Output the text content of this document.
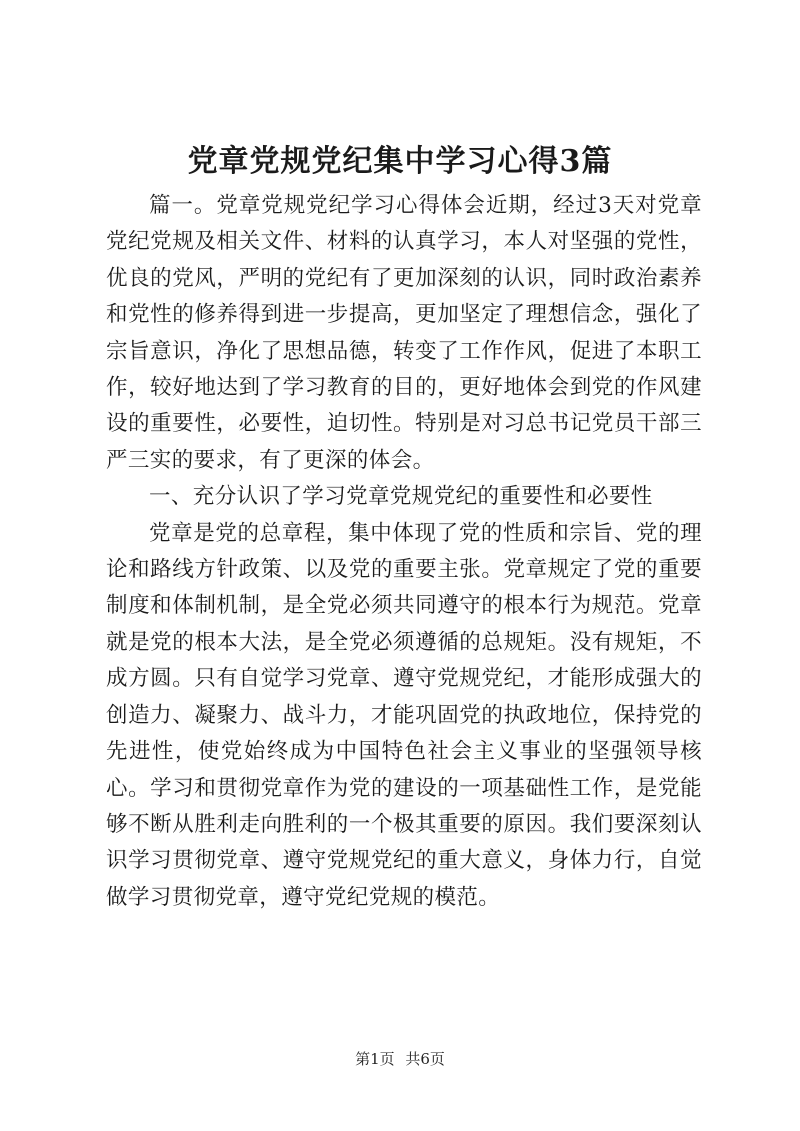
党章党规党纪集中学习心得3篇

篇一。党章党规党纪学习心得体会近期，经过3天对党章党纪党规及相关文件、材料的认真学习，本人对坚强的党性，优良的党风，严明的党纪有了更加深刻的认识，同时政治素养和党性的修养得到进一步提高，更加坚定了理想信念，强化了宗旨意识，净化了思想品德，转变了工作作风，促进了本职工作，较好地达到了学习教育的目的，更好地体会到党的作风建设的重要性，必要性，迫切性。特别是对习总书记党员干部三严三实的要求，有了更深的体会。

一、充分认识了学习党章党规党纪的重要性和必要性

党章是党的总章程，集中体现了党的性质和宗旨、党的理论和路线方针政策、以及党的重要主张。党章规定了党的重要制度和体制机制，是全党必须共同遵守的根本行为规范。党章就是党的根本大法，是全党必须遵循的总规矩。没有规矩，不成方圆。只有自觉学习党章、遵守党规党纪，才能形成强大的创造力、凝聚力、战斗力，才能巩固党的执政地位，保持党的先进性，使党始终成为中国特色社会主义事业的坚强领导核心。学习和贯彻党章作为党的建设的一项基础性工作，是党能够不断从胜利走向胜利的一个极其重要的原因。我们要深刻认识学习贯彻党章、遵守党规党纪的重大意义，身体力行，自觉做学习贯彻党章，遵守党纪党规的模范。

第1页 共6页
